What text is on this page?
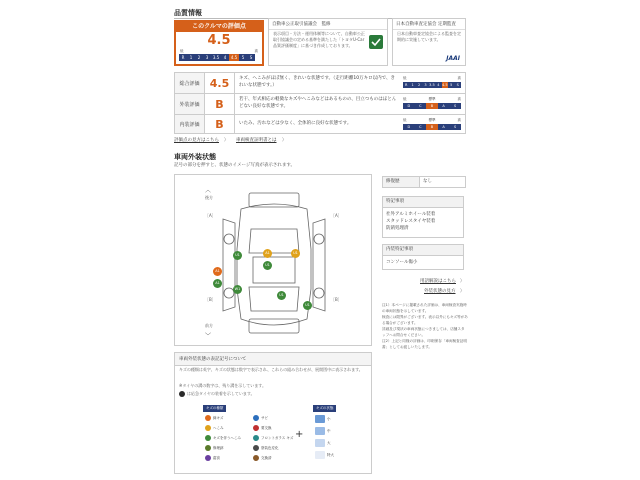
品質情報
このクルマの評価点
4.5
低	高
R	1	2	3	3.5	4	4.5	5	S
自動車公正取引協議会　監修
表示項目・方法・運用体制等について、自動車公正取引協議会の定める基準を満たした「トヨタU-Car品質評価制度」に基づき作成しております。
日本自動車査定協会 定期監査
日本自動車査定協会による監査を定期的に実施しています。
JAAI
総合評価 4.5	キズ、へこみがほぼ無く、きれいな状態です。（走行距離10万キロ以内で、きれいな状態です。）
低	高
R	1	2	3 3.5 4 4.5 5	S
外装評価	B	若干、年式相応の軽微なキズやへこみなどはあるものの、目立つものはほとんどない良好な状態です。
低	標準	高
D	C	B	A	S
内装評価	B	いたみ、汚れなどは少なく、全体的に良好な状態です。
低	標準	高
D	C	B	A	S
評価点の見方はこちら 〉 車両検査証明書とは 〉
車両外装状態
記号の部分を押すと、状態のイメージ写真が表示されます。
︿
後方
［A］	［A］
［B］	［B］
前方
﹀
A1	U1
U1
U1
A1
A1
W1
U1
U1
修復歴	なし
特記事項
社外アルミホイール装着
スタッドレスタイヤ装着
防錆処理済
内装特記事項
コンソール傷小
用語解説はこちら 〉
外装状態の見方 〉
注1）本ページに掲載された評価は、車両検査実施時の車両状態を示しています。
検査には限界がございます。表示以外にもキズ等がある場合がございます。
詳細及び現状の車両状態につきましては、店舗スタッフへお問合せください。
注2）上記と同様の評価は、印刷保存「車両検査証明書」としてお渡しいたします。
車両外装状態の表記記号について
キズの種類は英字、キズの状態は数字で表示され、これらの組み合わせが、展開図中に表示されます。
※タイヤの溝の数字は、残り溝を示しています。
は応急タイヤの装着を示しています。
キズの種類
線キズ
へこみ
キズを伴うへこみ
修理跡
腐食
サビ
要交換
フロントガラス キズ
塗装色変化
交換済
+
キズの状態
小
中
大
特大
